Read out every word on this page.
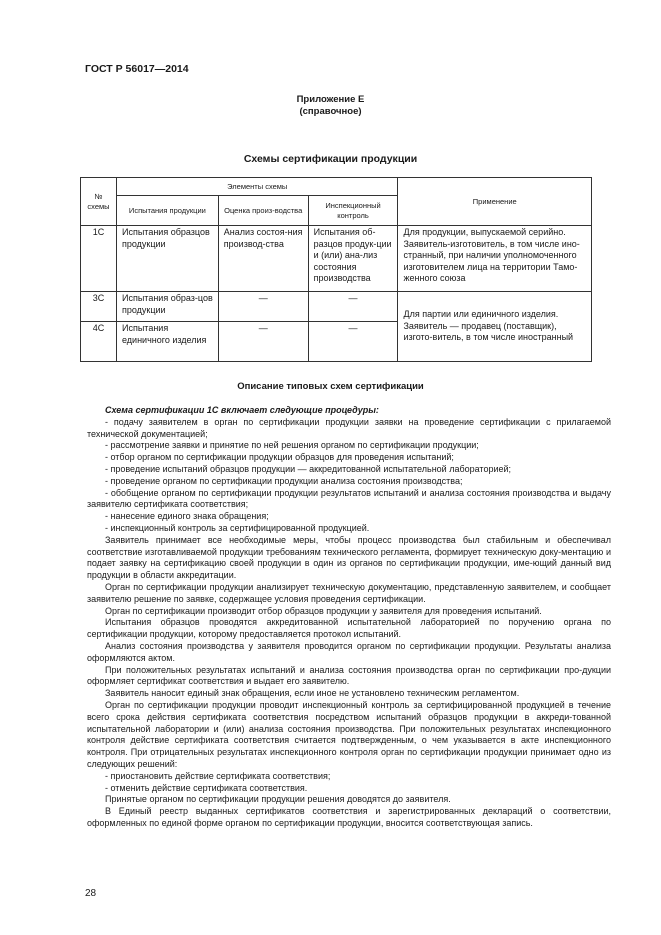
ГОСТ Р 56017—2014
Приложение Е
(справочное)
Схемы сертификации продукции
№ схемы	Элементы схемы			Применение
	Испытания продукции	Оценка произ-водства	Инспекционный контроль	
1С	Испытания образцов продукции	Анализ состоя-ния производ-ства	Испытания об-разцов продук-ции и (или) ана-лиз состояния производства	Для продукции, выпускаемой серийно. Заявитель-изготовитель, в том числе ино-странный, при наличии уполномоченного изготовителем лица на территории Тамо-женного союза
3С	Испытания образ-цов продукции	—	—	Для партии или единичного изделия. Заявитель — продавец (поставщик), изгото-витель, в том числе иностранный
4С	Испытания единичного изделия	—	—	
Описание типовых схем сертификации

Схема сертификации 1С включает следующие процедуры:

- подачу заявителем в орган по сертификации продукции заявки на проведение сертификации с прилагаемой технической документацией;

- рассмотрение заявки и принятие по ней решения органом по сертификации продукции;

- отбор органом по сертификации продукции образцов для проведения испытаний;

- проведение испытаний образцов продукции — аккредитованной испытательной лабораторией;

- проведение органом по сертификации продукции анализа состояния производства;

- обобщение органом по сертификации продукции результатов испытаний и анализа состояния производства и выдачу заявителю сертификата соответствия;

- нанесение единого знака обращения;

- инспекционный контроль за сертифицированной продукцией.

Заявитель принимает все необходимые меры, чтобы процесс производства был стабильным и обеспечивал соответствие изготавливаемой продукции требованиям технического регламента, формирует техническую доку-ментацию и подает заявку на сертификацию своей продукции в один из органов по сертификации продукции, име-ющий данный вид продукции в области аккредитации.

Орган по сертификации продукции анализирует техническую документацию, представленную заявителем, и сообщает заявителю решение по заявке, содержащее условия проведения сертификации.

Орган по сертификации производит отбор образцов продукции у заявителя для проведения испытаний.

Испытания образцов проводятся аккредитованной испытательной лабораторией по поручению органа по сертификации продукции, которому предоставляется протокол испытаний.

Анализ состояния производства у заявителя проводится органом по сертификации продукции. Результаты анализа оформляются актом.

При положительных результатах испытаний и анализа состояния производства орган по сертификации про-дукции оформляет сертификат соответствия и выдает его заявителю.

Заявитель наносит единый знак обращения, если иное не установлено техническим регламентом.

Орган по сертификации продукции проводит инспекционный контроль за сертифицированной продукцией в течение всего срока действия сертификата соответствия посредством испытаний образцов продукции в аккреди-тованной испытательной лаборатории и (или) анализа состояния производства. При положительных результатах инспекционного контроля действие сертификата соответствия считается подтвержденным, о чем указывается в акте инспекционного контроля. При отрицательных результатах инспекционного контроля орган по сертификации продукции принимает одно из следующих решений:

- приостановить действие сертификата соответствия;

- отменить действие сертификата соответствия.

Принятые органом по сертификации продукции решения доводятся до заявителя.

В Единый реестр выданных сертификатов соответствия и зарегистрированных деклараций о соответствии, оформленных по единой форме органом по сертификации продукции, вносится соответствующая запись.

28
